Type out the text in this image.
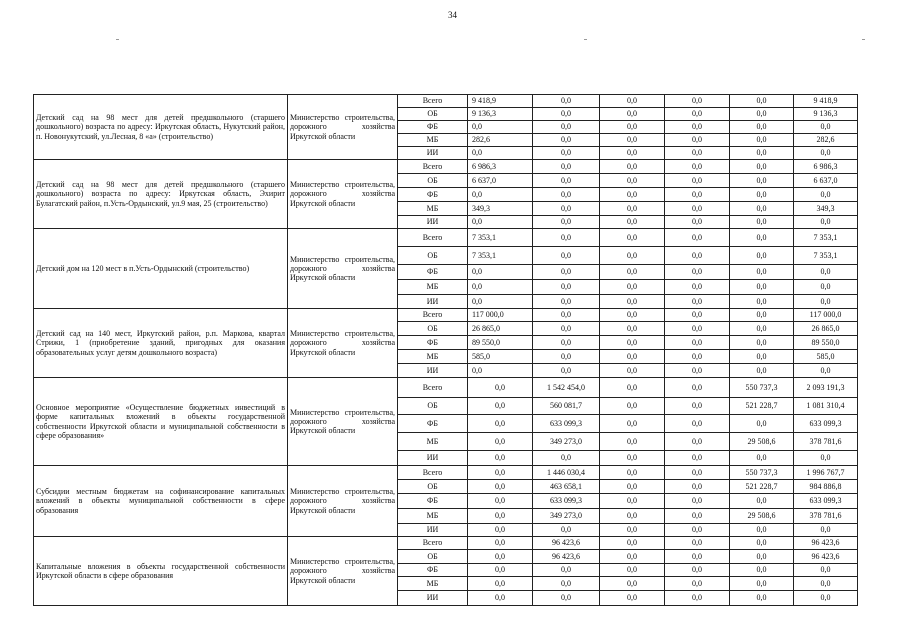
34
Детский сад на 98 мест для детей предшкольного (старшего дошкольного) возраста по адресу: Иркутская область, Нукутский район, п. Новонукутский, ул.Лесная, 8 «а» (строительство)	Министерство строительства, дорожного хозяйства Иркутской области	Всего	9 418,9	0,0	0,0	0,0	0,0	9 418,9
		ОБ	9 136,3	0,0	0,0	0,0	0,0	9 136,3
		ФБ	0,0	0,0	0,0	0,0	0,0	0,0
		МБ	282,6	0,0	0,0	0,0	0,0	282,6
		ИИ	0,0	0,0	0,0	0,0	0,0	0,0
Детский сад на 98 мест для детей предшкольного (старшего дошкольного) возраста по адресу: Иркутская область, Эхирит Булагатский район, п.Усть-Ордынский, ул.9 мая, 25 (строительство)	Министерство строительства, дорожного хозяйства Иркутской области	Всего	6 986,3	0,0	0,0	0,0	0,0	6 986,3
		ОБ	6 637,0	0,0	0,0	0,0	0,0	6 637,0
		ФБ	0,0	0,0	0,0	0,0	0,0	0,0
		МБ	349,3	0,0	0,0	0,0	0,0	349,3
		ИИ	0,0	0,0	0,0	0,0	0,0	0,0
Детский дом на 120 мест в п.Усть-Ордынский (строительство)	Министерство строительства, дорожного хозяйства Иркутской области	Всего	7 353,1	0,0	0,0	0,0	0,0	7 353,1
		ОБ	7 353,1	0,0	0,0	0,0	0,0	7 353,1
		ФБ	0,0	0,0	0,0	0,0	0,0	0,0
		МБ	0,0	0,0	0,0	0,0	0,0	0,0
		ИИ	0,0	0,0	0,0	0,0	0,0	0,0
Детский сад на 140 мест, Иркутский район, р.п. Маркова, квартал Стрижи, 1 (приобретение зданий, пригодных для оказания образовательных услуг детям дошкольного возраста)	Министерство строительства, дорожного хозяйства Иркутской области	Всего	117 000,0	0,0	0,0	0,0	0,0	117 000,0
		ОБ	26 865,0	0,0	0,0	0,0	0,0	26 865,0
		ФБ	89 550,0	0,0	0,0	0,0	0,0	89 550,0
		МБ	585,0	0,0	0,0	0,0	0,0	585,0
		ИИ	0,0	0,0	0,0	0,0	0,0	0,0
Основное мероприятие «Осуществление бюджетных инвестиций в форме капитальных вложений в объекты государственной собственности Иркутской области и муниципальной собственности в сфере образования»	Министерство строительства, дорожного хозяйства Иркутской области	Всего	0,0	1 542 454,0	0,0	0,0	550 737,3	2 093 191,3
		ОБ	0,0	560 081,7	0,0	0,0	521 228,7	1 081 310,4
		ФБ	0,0	633 099,3	0,0	0,0	0,0	633 099,3
		МБ	0,0	349 273,0	0,0	0,0	29 508,6	378 781,6
		ИИ	0,0	0,0	0,0	0,0	0,0	0,0
Субсидии местным бюджетам на софинансирование капитальных вложений в объекты муниципальной собственности в сфере образования	Министерство строительства, дорожного хозяйства Иркутской области	Всего	0,0	1 446 030,4	0,0	0,0	550 737,3	1 996 767,7
		ОБ	0,0	463 658,1	0,0	0,0	521 228,7	984 886,8
		ФБ	0,0	633 099,3	0,0	0,0	0,0	633 099,3
		МБ	0,0	349 273,0	0,0	0,0	29 508,6	378 781,6
		ИИ	0,0	0,0	0,0	0,0	0,0	0,0
Капитальные вложения в объекты государственной собственности Иркутской области в сфере образования	Министерство строительства, дорожного хозяйства Иркутской области	Всего	0,0	96 423,6	0,0	0,0	0,0	96 423,6
		ОБ	0,0	96 423,6	0,0	0,0	0,0	96 423,6
		ФБ	0,0	0,0	0,0	0,0	0,0	0,0
		МБ	0,0	0,0	0,0	0,0	0,0	0,0
		ИИ	0,0	0,0	0,0	0,0	0,0	0,0
